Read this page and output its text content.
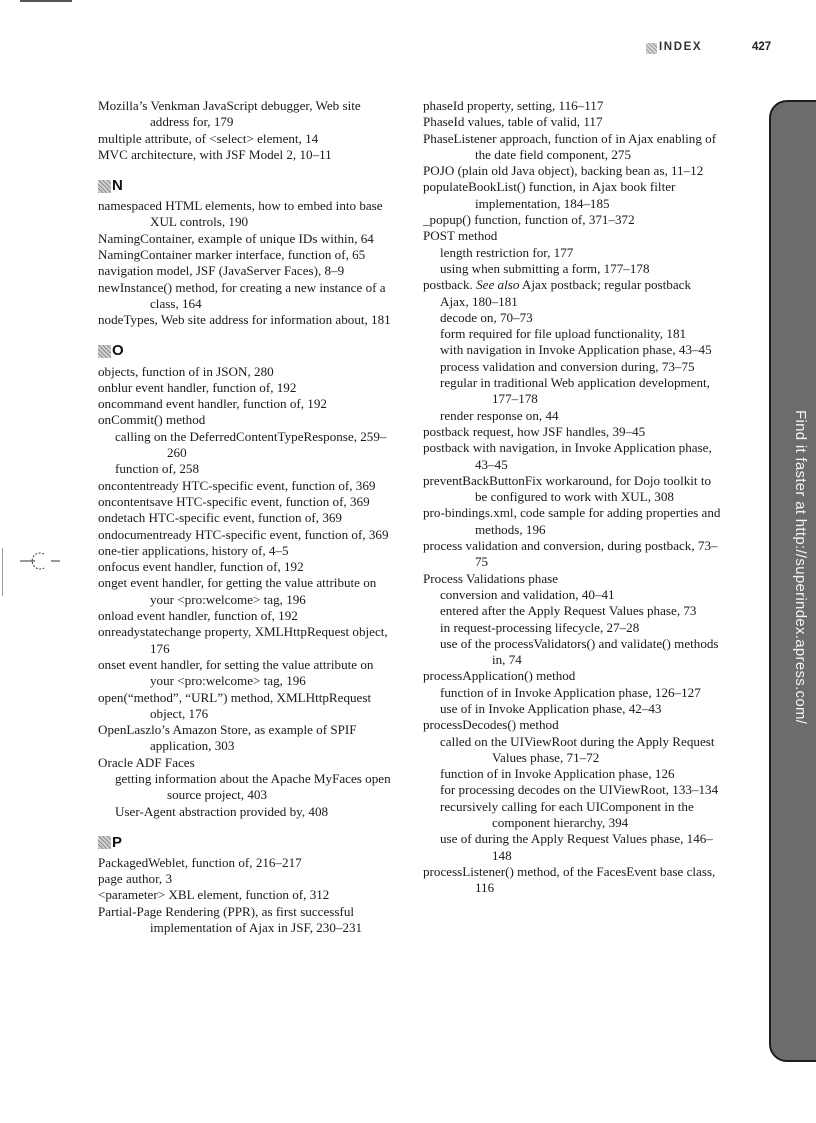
INDEX	427
Mozilla’s Venkman JavaScript debugger, Web site address for, 179
multiple attribute, of <select> element, 14
MVC architecture, with JSF Model 2, 10–11
N
namespaced HTML elements, how to embed into base XUL controls, 190
NamingContainer, example of unique IDs within, 64
NamingContainer marker interface, function of, 65
navigation model, JSF (JavaServer Faces), 8–9
newInstance() method, for creating a new instance of a class, 164
nodeTypes, Web site address for information about, 181
O
objects, function of in JSON, 280
onblur event handler, function of, 192
oncommand event handler, function of, 192
onCommit() method
calling on the DeferredContentTypeResponse, 259–260
function of, 258
oncontentready HTC-specific event, function of, 369
oncontentsave HTC-specific event, function of, 369
ondetach HTC-specific event, function of, 369
ondocumentready HTC-specific event, function of, 369
one-tier applications, history of, 4–5
onfocus event handler, function of, 192
onget event handler, for getting the value attribute on your <pro:welcome> tag, 196
onload event handler, function of, 192
onreadystatechange property, XMLHttpRequest object, 176
onset event handler, for setting the value attribute on your <pro:welcome> tag, 196
open(“method”, “URL”) method, XMLHttpRequest object, 176
OpenLaszlo’s Amazon Store, as example of SPIF application, 303
Oracle ADF Faces
getting information about the Apache MyFaces open source project, 403
User-Agent abstraction provided by, 408
P
PackagedWeblet, function of, 216–217
page author, 3
<parameter> XBL element, function of, 312
Partial-Page Rendering (PPR), as first successful implementation of Ajax in JSF, 230–231
phaseId property, setting, 116–117
PhaseId values, table of valid, 117
PhaseListener approach, function of in Ajax enabling of the date field component, 275
POJO (plain old Java object), backing bean as, 11–12
populateBookList() function, in Ajax book filter implementation, 184–185
_popup() function, function of, 371–372
POST method
length restriction for, 177
using when submitting a form, 177–178
postback. See also Ajax postback; regular postback
Ajax, 180–181
decode on, 70–73
form required for file upload functionality, 181
with navigation in Invoke Application phase, 43–45
process validation and conversion during, 73–75
regular in traditional Web application development, 177–178
render response on, 44
postback request, how JSF handles, 39–45
postback with navigation, in Invoke Application phase, 43–45
preventBackButtonFix workaround, for Dojo toolkit to be configured to work with XUL, 308
pro-bindings.xml, code sample for adding properties and methods, 196
process validation and conversion, during postback, 73–75
Process Validations phase
conversion and validation, 40–41
entered after the Apply Request Values phase, 73
in request-processing lifecycle, 27–28
use of the processValidators() and validate() methods in, 74
processApplication() method
function of in Invoke Application phase, 126–127
use of in Invoke Application phase, 42–43
processDecodes() method
called on the UIViewRoot during the Apply Request Values phase, 71–72
function of in Invoke Application phase, 126
for processing decodes on the UIViewRoot, 133–134
recursively calling for each UIComponent in the component hierarchy, 394
use of during the Apply Request Values phase, 146–148
processListener() method, of the FacesEvent base class, 116
Find it faster at http://superindex.apress.com/
